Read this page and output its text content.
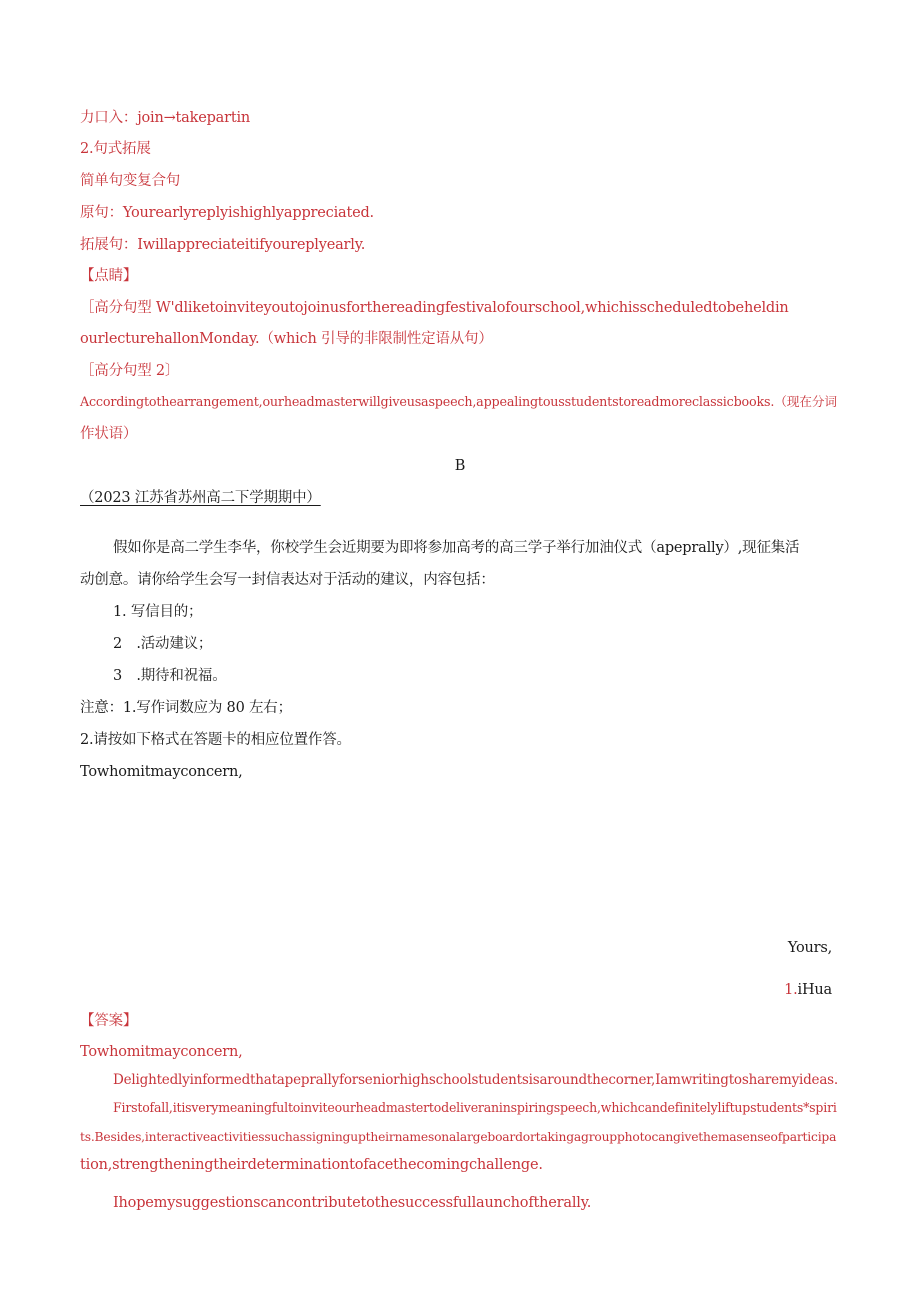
力口入：join→takepartin
2.句式拓展
简单句变复合句
原句：Yourearlyreplyishighlyappreciated.
拓展句：Iwillappreciateitifyoureplyearly.
【点睛】
［高分句型 W'dliketoinviteyoutojoinusforthereadingfestivalofourschool,whichisscheduledtobeheldin
ourlecturehallonMonday.（which 引导的非限制性定语从句）
［高分句型 2〕
Accordingtothearrangement,ourheadmasterwillgiveusaspeech,appealingtousstudentstoreadmoreclassicbooks.（现在分词
作状语）
B
（2023 江苏省苏州高二下学期期中）
假如你是高二学生李华，你校学生会近期要为即将参加高考的高三学子举行加油仪式（apeprally）,现征集活
动创意。请你给学生会写一封信表达对于活动的建议，内容包括：
1. 写信目的；
2　.活动建议；
3　.期待和祝福。
注意：1.写作词数应为 80 左右；
2.请按如下格式在答题卡的相应位置作答。
Towhomitmayconcern,
Yours,
1.iHua
【答案】
Towhomitmayconcern,
Delightedlyinformedthatapeprallyforseniorhighschoolstudentsisaroundthecorner,Iamwritingtosharemyideas.
Firstofall,itisverymeaningfultoinviteourheadmastertodeliveraninspiringspeech,whichcandefinitelyliftupstudents*spiri
ts.Besides,interactiveactivitiessuchassigninguptheirnamesonalargeboardortakingagroupphotocangivethemasenseofparticipa
tion,strengtheningtheirdeterminationtofacethecomingchallenge.
Ihopemysuggestionscancontributetothesuccessfullaunchoftherally.
